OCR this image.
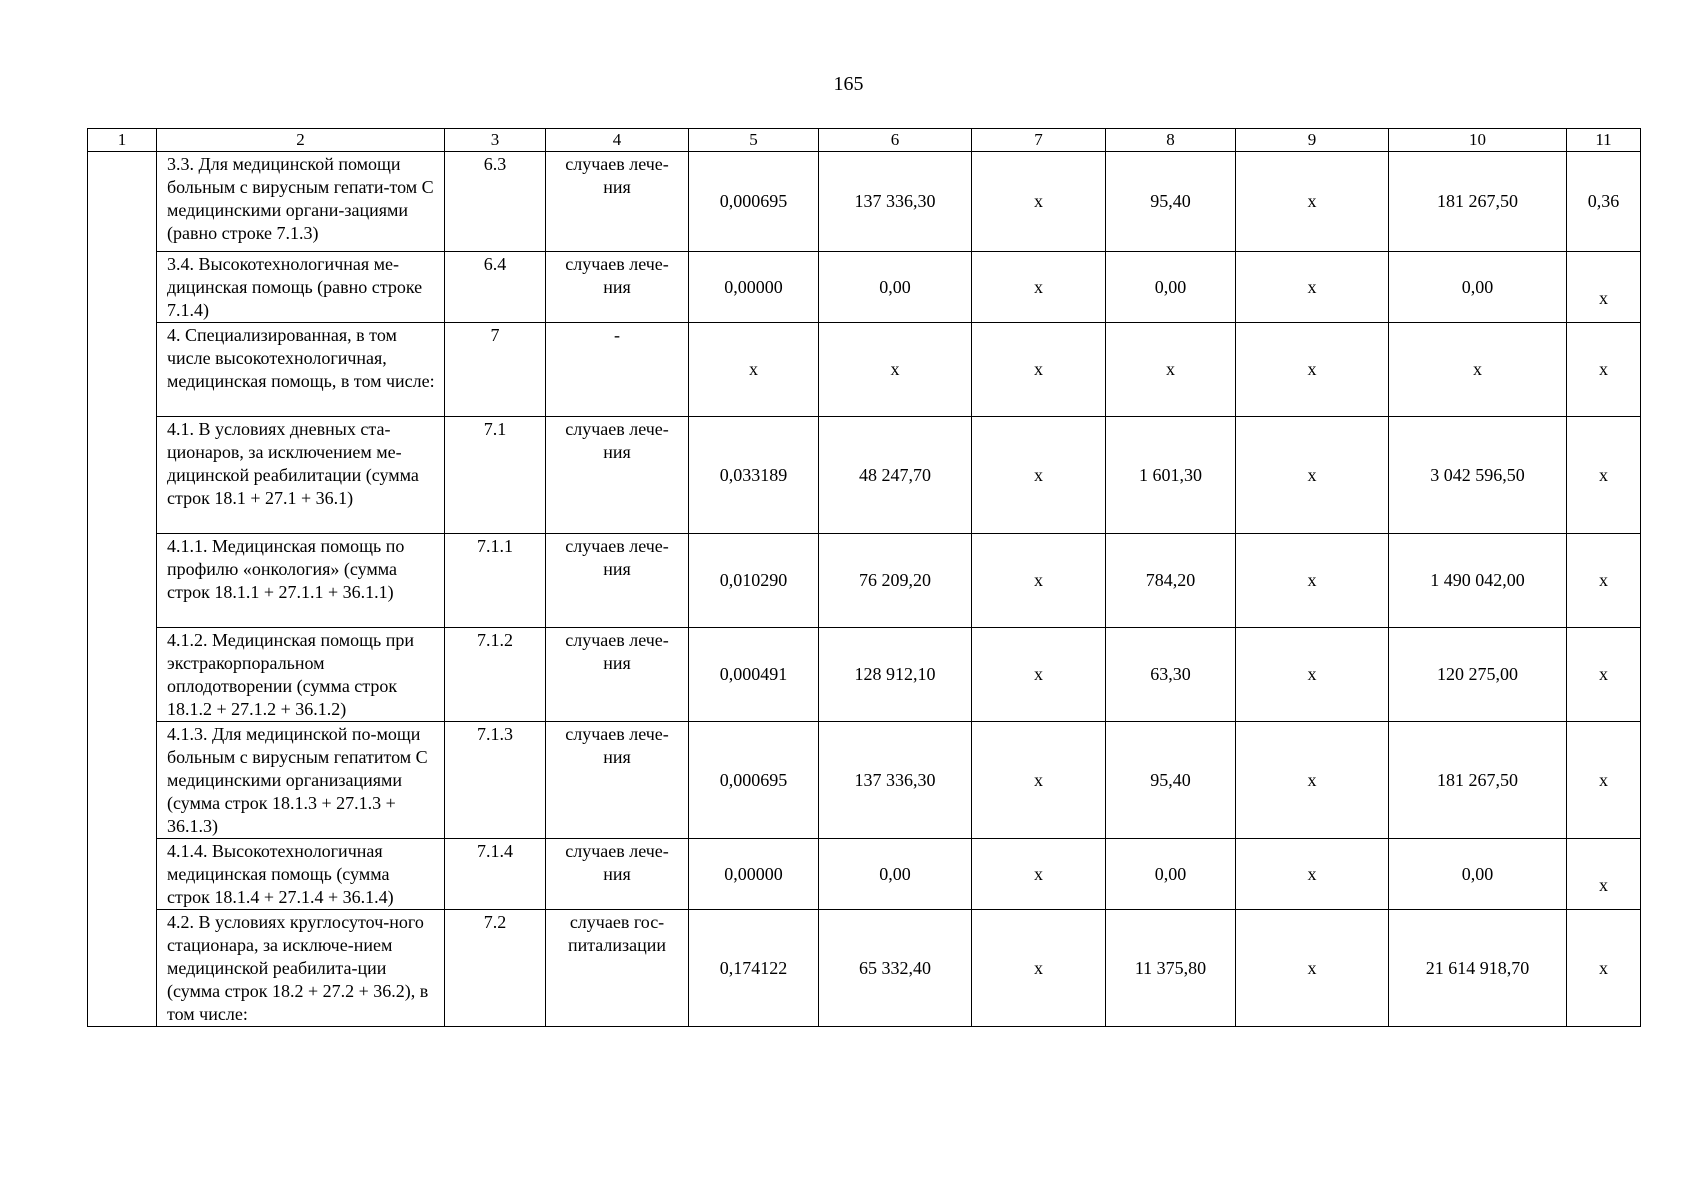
165
1	2	3	4	5	6	7	8	9	10	11
	3.3. Для медицинской помощи больным с вирусным гепати-том С медицинскими органи-зациями (равно строке 7.1.3)	6.3	случаев лече-ния	0,000695	137 336,30	х	95,40	х	181 267,50	0,36
	3.4. Высокотехнологичная ме-дицинская помощь (равно строке 7.1.4)	6.4	случаев лече-ния	0,00000	0,00	х	0,00	х	0,00	х
	4. Специализированная, в том числе высокотехнологичная, медицинская помощь, в том числе:	7	-	х	х	х	х	х	х	х
	4.1. В условиях дневных ста-ционаров, за исключением ме-дицинской реабилитации (сумма строк 18.1 + 27.1 + 36.1)	7.1	случаев лече-ния	0,033189	48 247,70	х	1 601,30	х	3 042 596,50	х
	4.1.1. Медицинская помощь по профилю «онкология» (сумма строк 18.1.1 + 27.1.1 + 36.1.1)	7.1.1	случаев лече-ния	0,010290	76 209,20	х	784,20	х	1 490 042,00	х
	4.1.2. Медицинская помощь при экстракорпоральном оплодотворении (сумма строк 18.1.2 + 27.1.2 + 36.1.2)	7.1.2	случаев лече-ния	0,000491	128 912,10	х	63,30	х	120 275,00	х
	4.1.3. Для медицинской по-мощи больным с вирусным гепатитом С медицинскими организациями (сумма строк 18.1.3 + 27.1.3 + 36.1.3)	7.1.3	случаев лече-ния	0,000695	137 336,30	х	95,40	х	181 267,50	х
	4.1.4. Высокотехнологичная медицинская помощь (сумма строк 18.1.4 + 27.1.4 + 36.1.4)	7.1.4	случаев лече-ния	0,00000	0,00	х	0,00	х	0,00	х
	4.2. В условиях круглосуточ-ного стационара, за исключе-нием медицинской реабилита-ции (сумма строк 18.2 + 27.2 + 36.2), в том числе:	7.2	случаев гос-питализации	0,174122	65 332,40	х	11 375,80	х	21 614 918,70	х
